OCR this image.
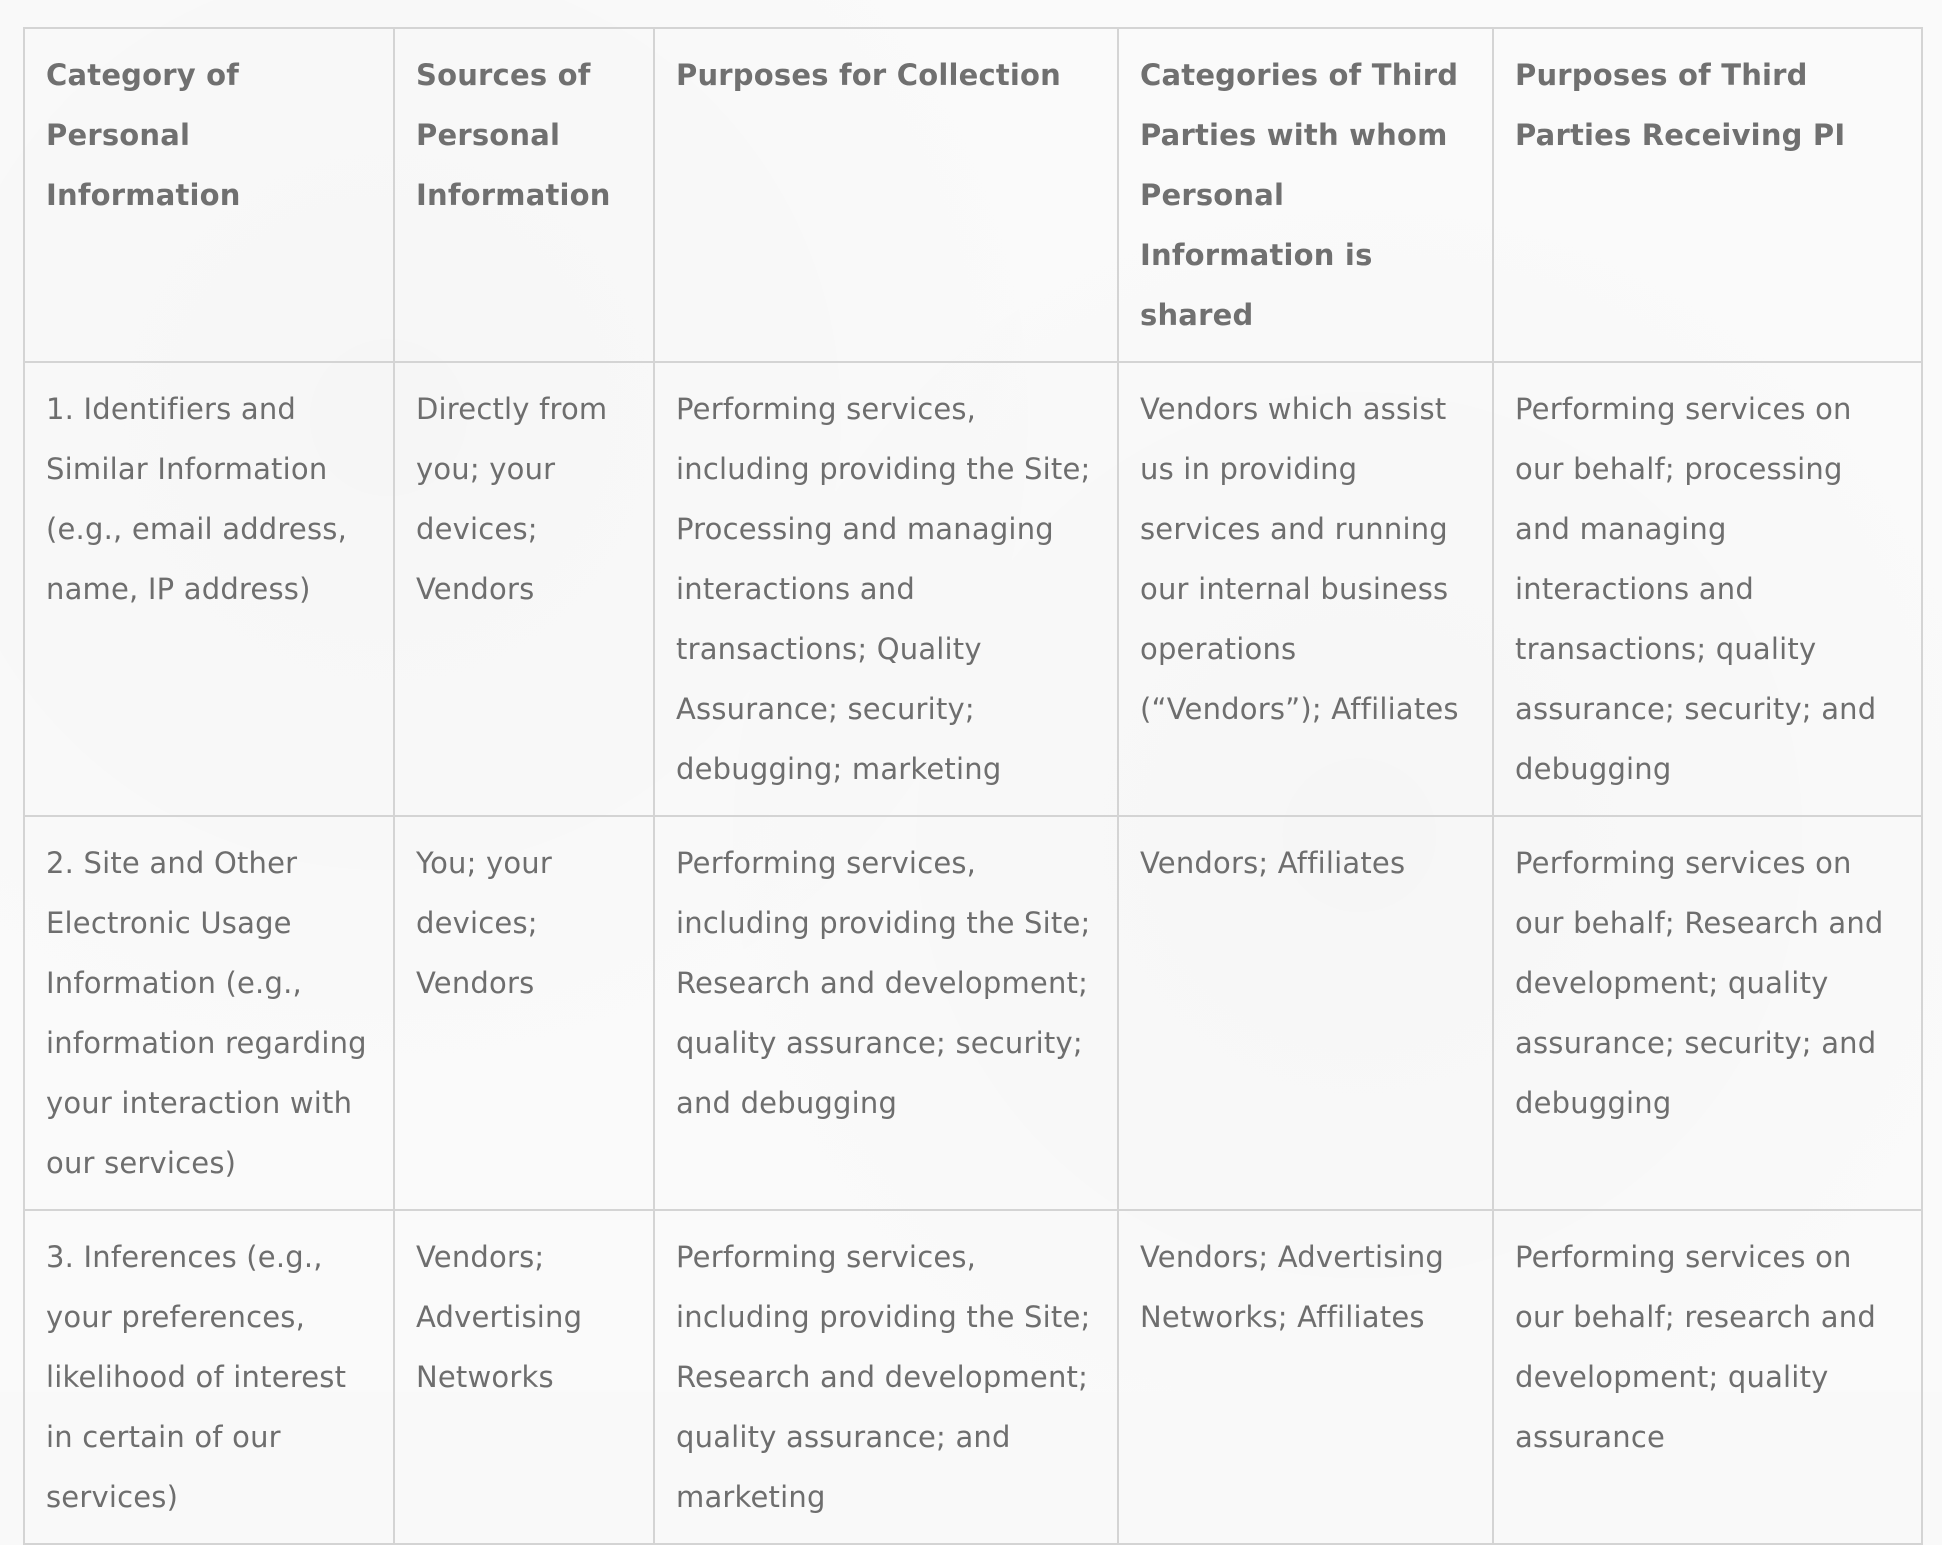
Category of Personal Information	Sources of Personal Information	Purposes for Collection	Categories of Third Parties with whom Personal Information is shared	Purposes of Third Parties Receiving PI
1. Identifiers and Similar Information (e.g., email address, name, IP address)	Directly from you; your devices; Vendors	Performing services, including providing the Site; Processing and managing interactions and transactions; Quality Assurance; security; debugging; marketing	Vendors which assist us in providing services and running our internal business operations (“Vendors”); Affiliates	Performing services on our behalf; processing and managing interactions and transactions; quality assurance; security; and debugging
2. Site and Other Electronic Usage Information (e.g., information regarding your interaction with our services)	You; your devices; Vendors	Performing services, including providing the Site; Research and development; quality assurance; security; and debugging	Vendors; Affiliates	Performing services on our behalf; Research and development; quality assurance; security; and debugging
3. Inferences (e.g., your preferences, likelihood of interest in certain of our services)	Vendors; Advertising Networks	Performing services, including providing the Site; Research and development; quality assurance; and marketing	Vendors; Advertising Networks; Affiliates	Performing services on our behalf; research and development; quality assurance
